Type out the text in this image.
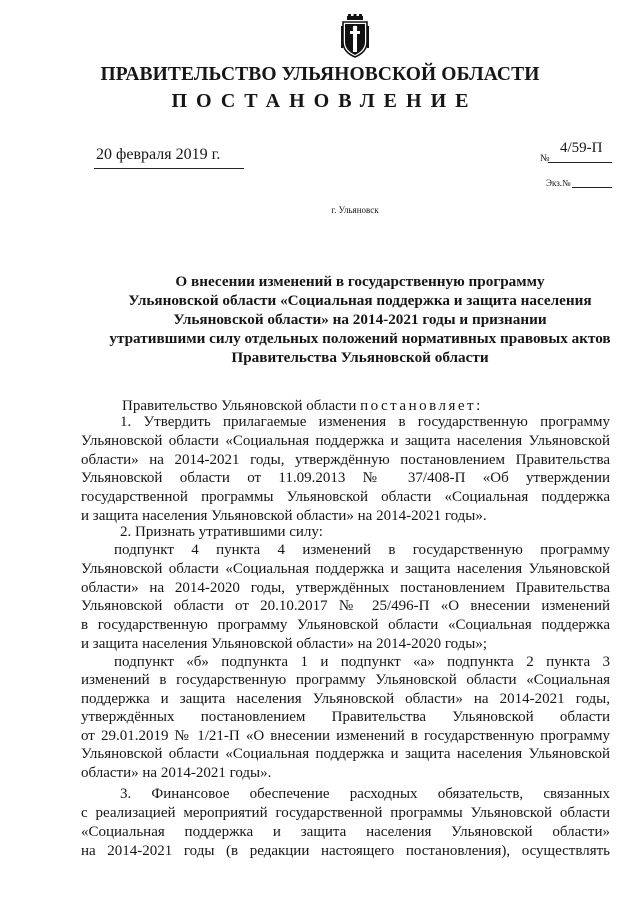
ПРАВИТЕЛЬСТВО УЛЬЯНОВСКОЙ ОБЛАСТИ
ПОСТАНОВЛЕНИЕ
20 февраля 2019 г.	№
4/59-П
Экз.№
г. Ульяновск
О внесении изменений в государственную программу
Ульяновской области «Социальная поддержка и защита населения
Ульяновской области» на 2014-2021 годы и признании
утратившими силу отдельных положений нормативных правовых актов
Правительства Ульяновской области
Правительство Ульяновской области постановляет:
1. Утвердить прилагаемые изменения в государственную программу
Ульяновской области «Социальная поддержка и защита населения Ульяновской
области» на 2014-2021 годы, утверждённую постановлением Правительства
Ульяновской области от 11.09.2013 № 37/408-П «Об утверждении
государственной программы Ульяновской области «Социальная поддержка
и защита населения Ульяновской области» на 2014-2021 годы».
2. Признать утратившими силу:
подпункт 4 пункта 4 изменений в государственную программу
Ульяновской области «Социальная поддержка и защита населения Ульяновской
области» на 2014-2020 годы, утверждённых постановлением Правительства
Ульяновской области от 20.10.2017 № 25/496-П «О внесении изменений
в государственную программу Ульяновской области «Социальная поддержка
и защита населения Ульяновской области» на 2014-2020 годы»;
подпункт «б» подпункта 1 и подпункт «а» подпункта 2 пункта 3
изменений в государственную программу Ульяновской области «Социальная
поддержка и защита населения Ульяновской области» на 2014-2021 годы,
утверждённых постановлением Правительства Ульяновской области
от 29.01.2019 № 1/21-П «О внесении изменений в государственную программу
Ульяновской области «Социальная поддержка и защита населения Ульяновской
области» на 2014-2021 годы».
3. Финансовое обеспечение расходных обязательств, связанных
с реализацией мероприятий государственной программы Ульяновской области
«Социальная поддержка и защита населения Ульяновской области»
на 2014-2021 годы (в редакции настоящего постановления), осуществлять
